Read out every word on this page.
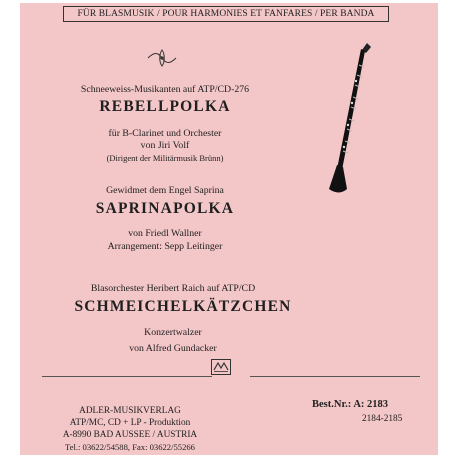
FÜR BLASMUSIK / POUR HARMONIES ET FANFARES / PER BANDA
Schneeweiss-Musikanten auf ATP/CD-276
REBELLPOLKA
für B-Clarinet und Orchester
von Jiri Volf
(Dirigent der Militärmusik Brünn)
Gewidmet dem Engel Saprina
SAPRINAPOLKA
von Friedl Wallner
Arrangement: Sepp Leitinger
Blasorchester Heribert Raich auf ATP/CD
SCHMEICHELKÄTZCHEN
Konzertwalzer
von Alfred Gundacker
ADLER-MUSIKVERLAG
ATP/MC, CD + LP - Produktion
A-8990 BAD AUSSEE / AUSTRIA
Tel.: 03622/54588, Fax: 03622/55266
Best.Nr.: A: 2183
2184-2185
